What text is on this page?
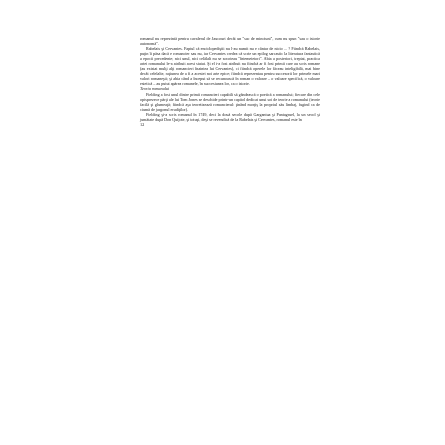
romanul nu reprezintă pentru cavalerul de Jaucourt decât un "sac de minciuni", cum nu spun "sau o istorie autonomă".

Rabelais şi Cervantes. Faptul că enciclopediştii nu l-au numit nu e cântar de nicio ... ? Fiindcă Rabelais, puţin îi păsa dacă e romancier sau nu, iar Cervantes credea că scrie un epilog sarcastic la literatura fantastică a epocii precedente; nici unul, nici celălalt nu se socoteau "întemeietori". Abia a posteriori, treptat, practica artei romanului le-a atribuit acest statut. Şi el i-a fost atribuit nu fiindcă ar fi fost primii care au scris romane (au existat mulţi alţi romancieri înaintea lui Cervantes), ci fiindcă operele lor făceau inteligibilă, mai bine decât celelalte, raţiunea de a fi a acestei noi arte epice; fiindcă reprezentau pentru succesorii lor primele mari valori romaneşti; şi abia când a început să se recunoască în roman o valoare – o valoare specifică, o valoare estetică – au putut apărea romanele, în succesiunea lor, ca o istorie.

Teoria romanului

Fielding a fost unul dintre primii romancieri capabili să gândească o poetică a romanului; fiecare din cele optsprezece părţi ale lui Tom Jones se deschide printr-un capitol dedicat unui soi de teorie a romanului (teorie facilă şi glumeaţă; fiindcă aşa teoretizează romancierul: ţinând morţiş la propriul său limbaj, fugind ca de ciumă de jargonul erudiţilor).

Fielding şi-a scris romanul în 1749, deci la două secole după Gargantua şi Pantagruel, la un secol şi jumătate după Don Quijote, şi totuşi, deşi se revendică de la Rabelais şi Cervantes, romanul este în

12
